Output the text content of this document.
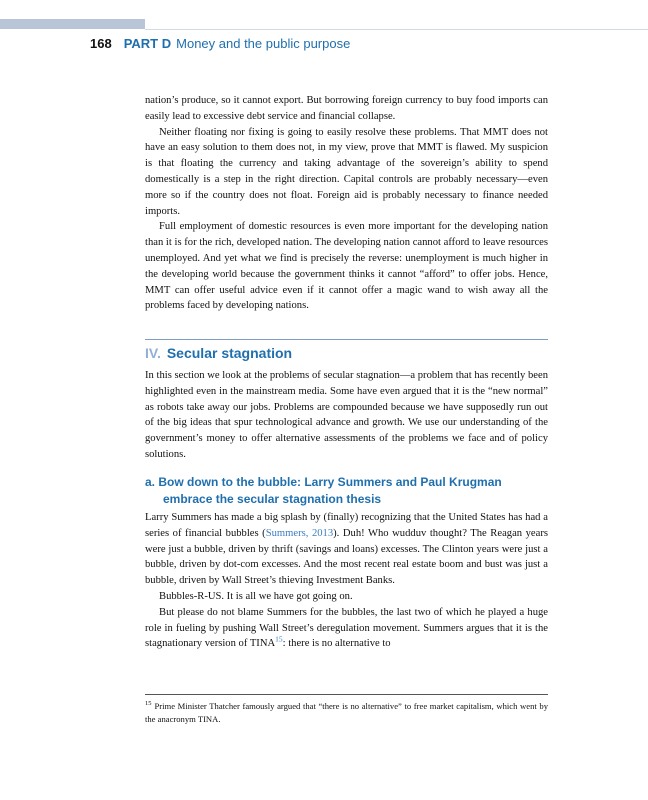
168 PART D Money and the public purpose

nation’s produce, so it cannot export. But borrowing foreign currency to buy food imports can easily lead to excessive debt service and financial collapse.

Neither floating nor fixing is going to easily resolve these problems. That MMT does not have an easy solution to them does not, in my view, prove that MMT is flawed. My suspicion is that floating the currency and taking advantage of the sovereign’s ability to spend domestically is a step in the right direction. Capital controls are probably necessary—even more so if the country does not float. Foreign aid is probably necessary to finance needed imports.

Full employment of domestic resources is even more important for the developing nation than it is for the rich, developed nation. The developing nation cannot afford to leave resources unemployed. And yet what we find is precisely the reverse: unemployment is much higher in the developing world because the government thinks it cannot “afford” to offer jobs. Hence, MMT can offer useful advice even if it cannot offer a magic wand to wish away all the problems faced by developing nations.

IV. Secular stagnation

In this section we look at the problems of secular stagnation—a problem that has recently been highlighted even in the mainstream media. Some have even argued that it is the “new normal” as robots take away our jobs. Problems are compounded because we have supposedly run out of the big ideas that spur technological advance and growth. We use our understanding of the government’s money to offer alternative assessments of the problems we face and of policy solutions.

a. Bow down to the bubble: Larry Summers and Paul Krugman
embrace the secular stagnation thesis

Larry Summers has made a big splash by (finally) recognizing that the United States has had a series of financial bubbles (Summers, 2013). Duh! Who wudduv thought? The Reagan years were just a bubble, driven by thrift (savings and loans) excesses. The Clinton years were just a bubble, driven by dot-com excesses. And the most recent real estate boom and bust was just a bubble, driven by Wall Street’s thieving Investment Banks.

Bubbles-R-US. It is all we have got going on.

But please do not blame Summers for the bubbles, the last two of which he played a huge role in fueling by pushing Wall Street’s deregulation movement. Summers argues that it is the stagnationary version of TINA$^{15}$: there is no alternative to

$^{15}$ Prime Minister Thatcher famously argued that “there is no alternative” to free market capitalism, which went by the anacronym TINA.
